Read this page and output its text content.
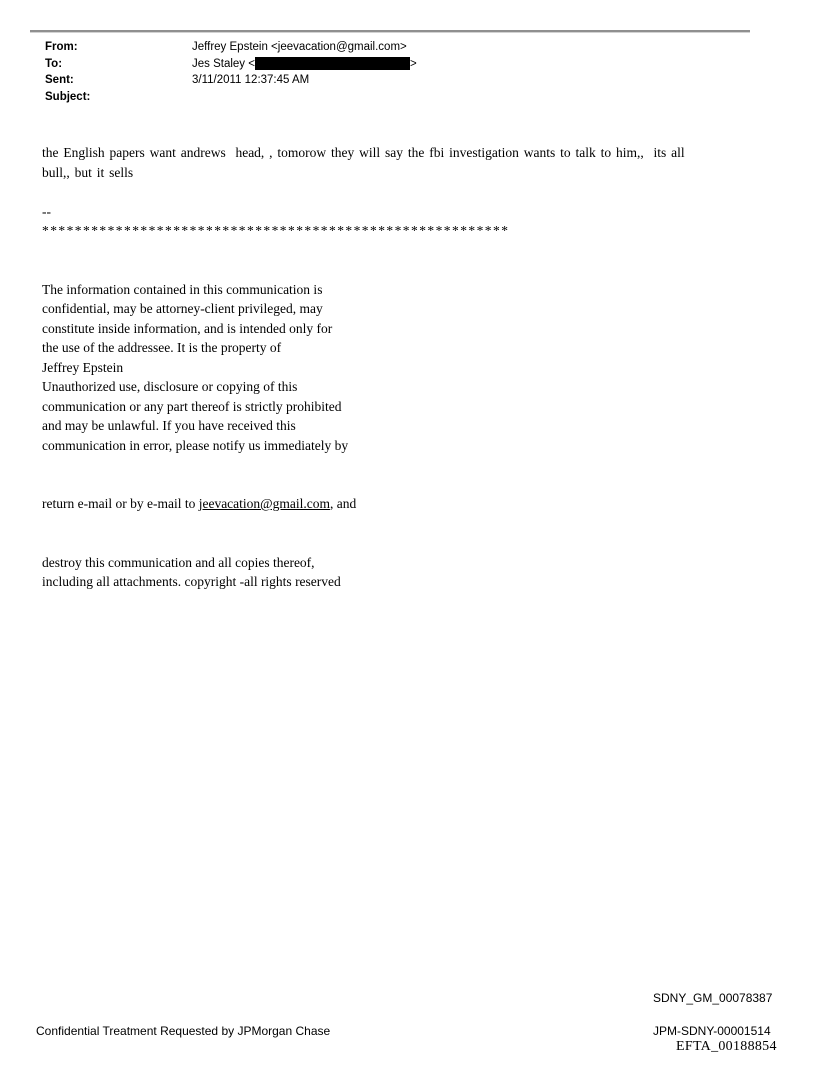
From:	Jeffrey Epstein <jeevacation@gmail.com>
To:	Jes Staley <	>
Sent:	3/11/2011 12:37:45 AM
Subject:
the English papers want andrews  head, , tomorow they will say the fbi investigation wants to talk to him,,  its all
bull,, but it sells
--
*********************************************************

The information contained in this communication is
confidential, may be attorney-client privileged, may
constitute inside information, and is intended only for
the use of the addressee. It is the property of
Jeffrey Epstein
Unauthorized use, disclosure or copying of this
communication or any part thereof is strictly prohibited
and may be unlawful. If you have received this
communication in error, please notify us immediately by

return e-mail or by e-mail to jeevacation@gmail.com, and

destroy this communication and all copies thereof,
including all attachments. copyright -all rights reserved

SDNY_GM_00078387
Confidential Treatment Requested by JPMorgan Chase	JPM-SDNY-00001514
EFTA_00188854
